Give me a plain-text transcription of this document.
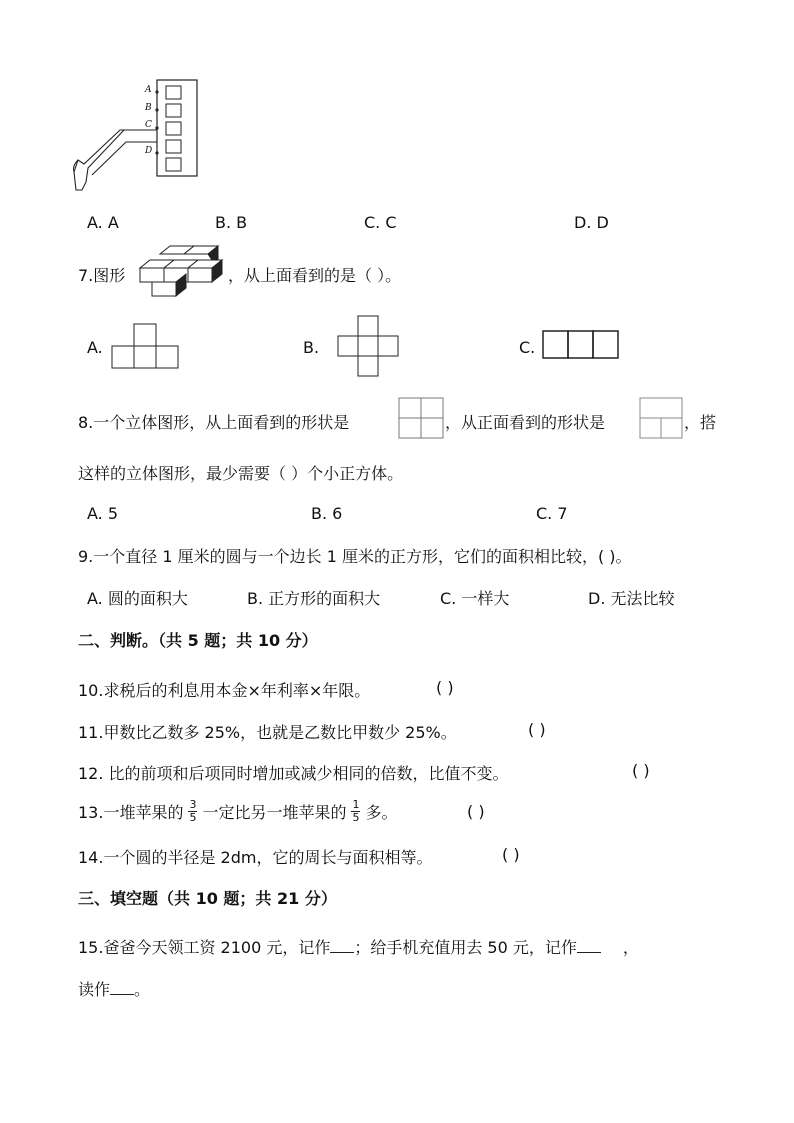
A
B
C
D
A. A	B. B	C. C	D. D
7.图形	，从上面看到的是（ ）。
A.	B.	C.
8.一个立体图形，从上面看到的形状是	，从正面看到的形状是	，搭
这样的立体图形，最少需要（ ）个小正方体。
A. 5	B. 6	C. 7
9.一个直径 1 厘米的圆与一个边长 1 厘米的正方形，它们的面积相比较，( )。
A. 圆的面积大	B. 正方形的面积大	C. 一样大	D. 无法比较
二、判断。（共 5 题；共 10 分）
10.求税后的利息用本金×年利率×年限。	( )
11.甲数比乙数多 25%，也就是乙数比甲数少 25%。	( )
12. 比的前项和后项同时增加或减少相同的倍数，比值不变。	( )
13.一堆苹果的 $\frac{3}{5}$ 一定比另一堆苹果的 $\frac{1}{5}$ 多。	( )
14.一个圆的半径是 2dm，它的周长与面积相等。	( )
三、填空题（共 10 题；共 21 分）
15.爸爸今天领工资 2100 元，记作 ；给手机充值用去 50 元，记作	，
读作 。
